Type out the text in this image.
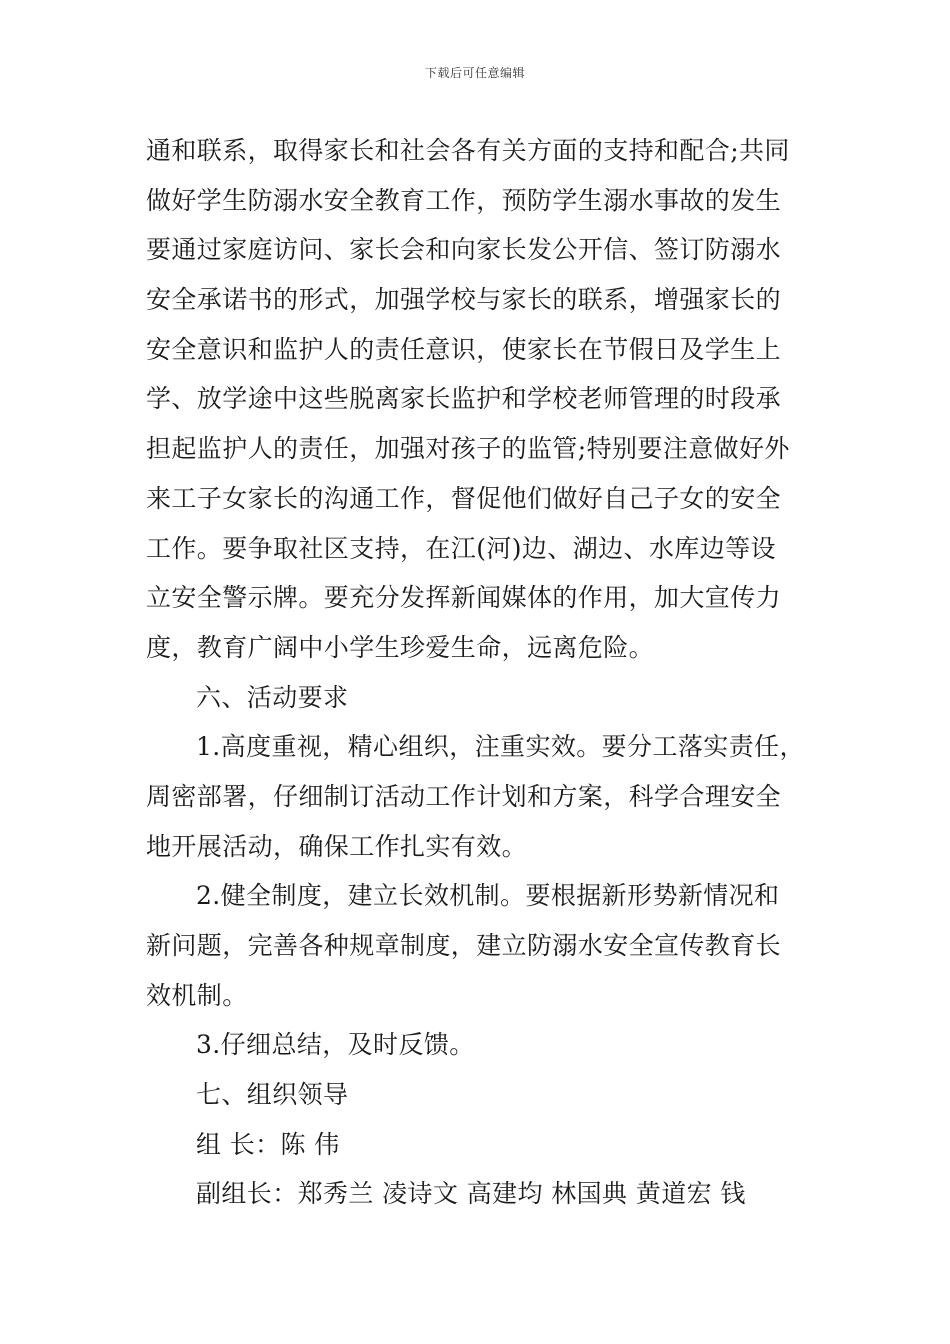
下载后可任意编辑
通和联系，取得家长和社会各有关方面的支持和配合;共同
做好学生防溺水安全教育工作，预防学生溺水事故的发生
要通过家庭访问、家长会和向家长发公开信、签订防溺水
安全承诺书的形式，加强学校与家长的联系，增强家长的
安全意识和监护人的责任意识，使家长在节假日及学生上
学、放学途中这些脱离家长监护和学校老师管理的时段承
担起监护人的责任，加强对孩子的监管;特别要注意做好外
来工子女家长的沟通工作，督促他们做好自己子女的安全
工作。要争取社区支持，在江(河)边、湖边、水库边等设
立安全警示牌。要充分发挥新闻媒体的作用，加大宣传力
度，教育广阔中小学生珍爱生命，远离危险。
六、活动要求
1.高度重视，精心组织，注重实效。要分工落实责任，
周密部署，仔细制订活动工作计划和方案，科学合理安全
地开展活动，确保工作扎实有效。
2.健全制度，建立长效机制。要根据新形势新情况和
新问题，完善各种规章制度，建立防溺水安全宣传教育长
效机制。
3.仔细总结，及时反馈。
七、组织领导
组 长：陈 伟
副组长：郑秀兰 凌诗文 高建均 林国典 黄道宏 钱
